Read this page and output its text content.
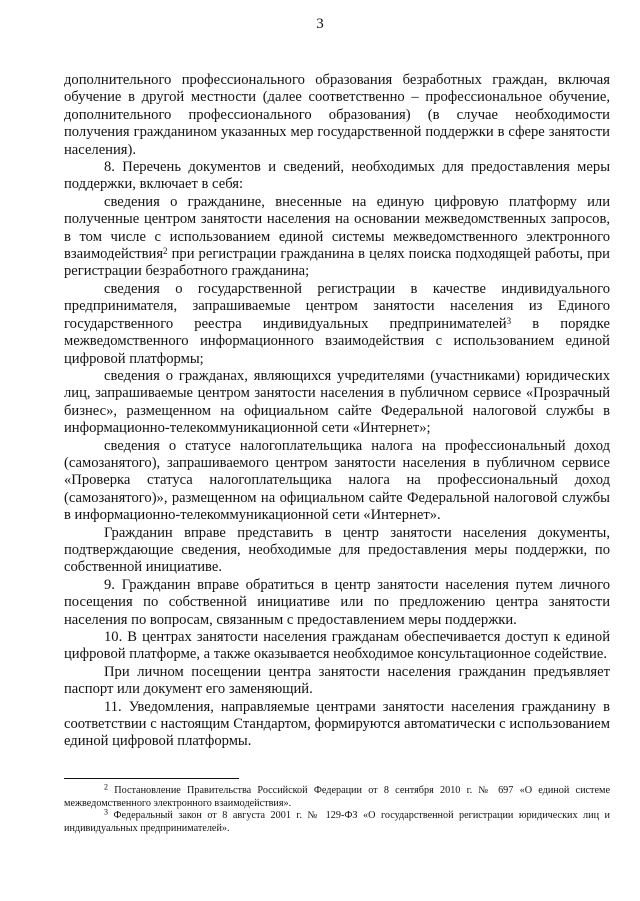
3

дополнительного профессионального образования безработных граждан, включая обучение в другой местности (далее соответственно – профессиональное обучение, дополнительного профессионального образования) (в случае необходимости получения гражданином указанных мер государственной поддержки в сфере занятости населения).

8. Перечень документов и сведений, необходимых для предоставления меры поддержки, включает в себя:

сведения о гражданине, внесенные на единую цифровую платформу или полученные центром занятости населения на основании межведомственных запросов, в том числе с использованием единой системы межведомственного электронного взаимодействия$^2$ при регистрации гражданина в целях поиска подходящей работы, при регистрации безработного гражданина;

сведения о государственной регистрации в качестве индивидуального предпринимателя, запрашиваемые центром занятости населения из Единого государственного реестра индивидуальных предпринимателей$^3$ в порядке межведомственного информационного взаимодействия с использованием единой цифровой платформы;

сведения о гражданах, являющихся учредителями (участниками) юридических лиц, запрашиваемые центром занятости населения в публичном сервисе «Прозрачный бизнес», размещенном на официальном сайте Федеральной налоговой службы в информационно-телекоммуникационной сети «Интернет»;

сведения о статусе налогоплательщика налога на профессиональный доход (самозанятого), запрашиваемого центром занятости населения в публичном сервисе «Проверка статуса налогоплательщика налога на профессиональный доход (самозанятого)», размещенном на официальном сайте Федеральной налоговой службы в информационно-телекоммуникационной сети «Интернет».

Гражданин вправе представить в центр занятости населения документы, подтверждающие сведения, необходимые для предоставления меры поддержки, по собственной инициативе.

9. Гражданин вправе обратиться в центр занятости населения путем личного посещения по собственной инициативе или по предложению центра занятости населения по вопросам, связанным с предоставлением меры поддержки.

10. В центрах занятости населения гражданам обеспечивается доступ к единой цифровой платформе, а также оказывается необходимое консультационное содействие.

При личном посещении центра занятости населения гражданин предъявляет паспорт или документ его заменяющий.

11. Уведомления, направляемые центрами занятости населения гражданину в соответствии с настоящим Стандартом, формируются автоматически с использованием единой цифровой платформы.

$^2$ Постановление Правительства Российской Федерации от 8 сентября 2010 г. № 697 «О единой системе межведомственного электронного взаимодействия».

$^3$ Федеральный закон от 8 августа 2001 г. № 129-ФЗ «О государственной регистрации юридических лиц и индивидуальных предпринимателей».
